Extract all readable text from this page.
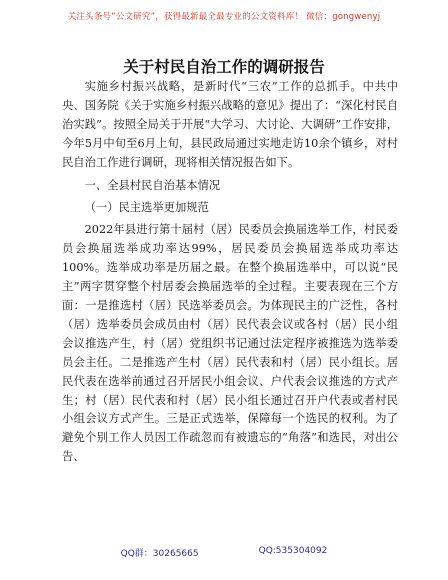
关注头条号“公文研究”，获得最新最全最专业的公文资料库！ 微信：gongwenyj
关于村民自治工作的调研报告

实施乡村振兴战略，是新时代“三农”工作的总抓手。中共中央、国务院《关于实施乡村振兴战略的意见》提出了：“深化村民自治实践”。按照全局关于开展“大学习、大讨论、大调研”工作安排，今年5月中旬至6月上旬，县民政局通过实地走访10余个镇乡，对村民自治工作进行调研，现将相关情况报告如下。

一、全县村民自治基本情况

（一）民主选举更加规范

2022年县进行第十届村（居）民委员会换届选举工作，村民委员会换届选举成功率达99%，居民委员会换届选举成功率达100%。选举成功率是历届之最。在整个换届选举中，可以说“民主”两字贯穿整个村居委会换届选举的全过程。主要表现在三个方面：一是推选村（居）民选举委员会。为体现民主的广泛性，各村（居）选举委员会成员由村（居）民代表会议或各村（居）民小组会议推选产生，村（居）党组织书记通过法定程序被推选为选举委员会主任。二是推选产生村（居）民代表和村（居）民小组长。居民代表在选举前通过召开居民小组会议、户代表会议推选的方式产生；村（居）民代表和村（居）民小组长通过召开户代表或者村民小组会议方式产生。三是正式选举，保障每一个选民的权利。为了避免个别工作人员因工作疏忽而有被遗忘的“角落”和选民，对出公告、

QQ群：30265665	QQ:535304092
